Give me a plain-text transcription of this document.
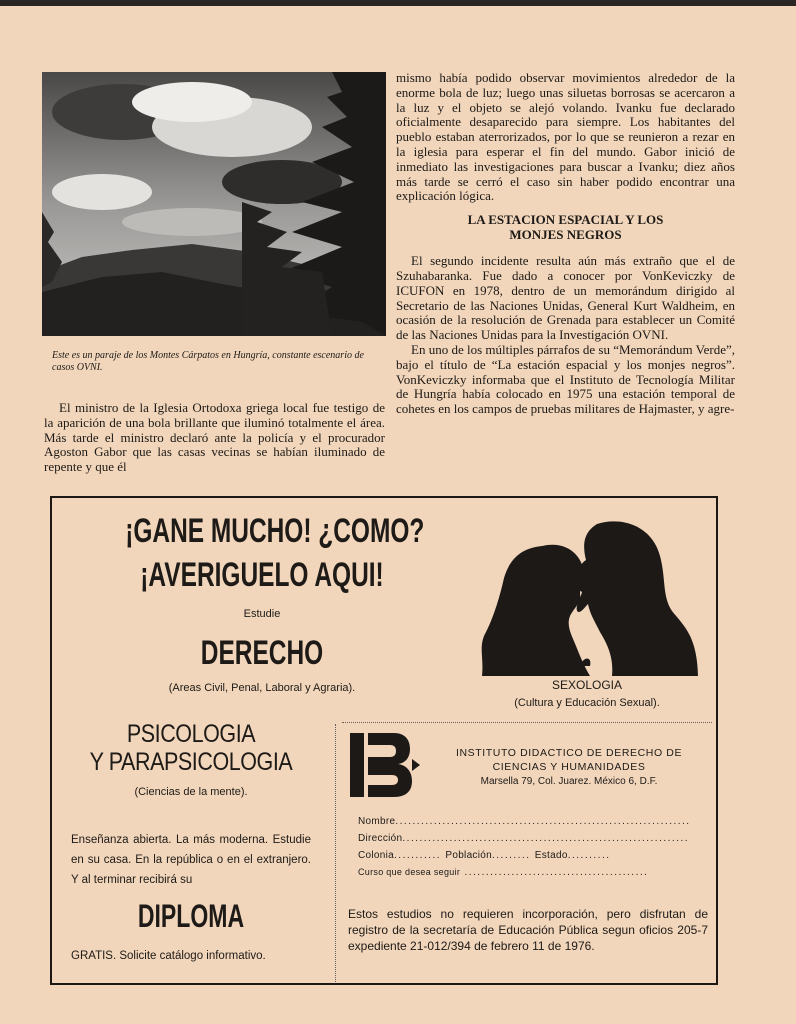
Este es un paraje de los Montes Cárpatos en Hungría, constante escenario de casos OVNI.

El ministro de la Iglesia Ortodoxa griega local fue testigo de la aparición de una bola brillante que iluminó totalmente el área. Más tarde el ministro declaró ante la policía y el procurador Agoston Gabor que las casas vecinas se habían iluminado de repente y que él

mismo había podido observar movimientos alrededor de la enorme bola de luz; luego unas siluetas borrosas se acercaron a la luz y el objeto se alejó volando. Ivanku fue declarado oficialmente desaparecido para siempre. Los habitantes del pueblo estaban aterrorizados, por lo que se reunieron a rezar en la iglesia para esperar el fin del mundo. Gabor inició de inmediato las investigaciones para buscar a Ivanku; diez años más tarde se cerró el caso sin haber podido encontrar una explicación lógica.

LA ESTACION ESPACIAL Y LOS
MONJES NEGROS

El segundo incidente resulta aún más extraño que el de Szuhabaranka. Fue dado a conocer por VonKeviczky de ICUFON en 1978, dentro de un memorándum dirigido al Secretario de las Naciones Unidas, General Kurt Waldheim, en ocasión de la resolución de Grenada para establecer un Comité de las Naciones Unidas para la Investigación OVNI.

En uno de los múltiples párrafos de su “Memorándum Verde”, bajo el título de “La estación espacial y los monjes negros”. VonKeviczky informaba que el Instituto de Tecnología Militar de Hungría había colocado en 1975 una estación temporal de cohetes en los campos de pruebas militares de Hajmaster, y agre-

¡GANE MUCHO! ¿COMO?
¡AVERIGUELO AQUI!
Estudie
DERECHO
(Areas Civil, Penal, Laboral y Agraria).	SEXOLOGIA
(Cultura y Educación Sexual).
PSICOLOGIA
Y PARAPSICOLOGIA
(Ciencias de la mente).
Enseñanza abierta. La más moderna. Estudie en su casa. En la república o en el extranjero. Y al terminar recibirá su
DIPLOMA
GRATIS. Solicite catálogo informativo.
INSTITUTO DIDACTICO DE DERECHO DE
CIENCIAS Y HUMANIDADES
Marsella 79, Col. Juarez. México 6, D.F.
Nombre.....................................................................
Dirección...................................................................
Colonia........... Población......... Estado..........
Curso que desea seguir ...........................................
Estos estudios no requieren incorporación, pero disfrutan de registro de la secretaría de Educación Pública segun oficios 205-7 expediente 21-012/394 de febrero 11 de 1976.
